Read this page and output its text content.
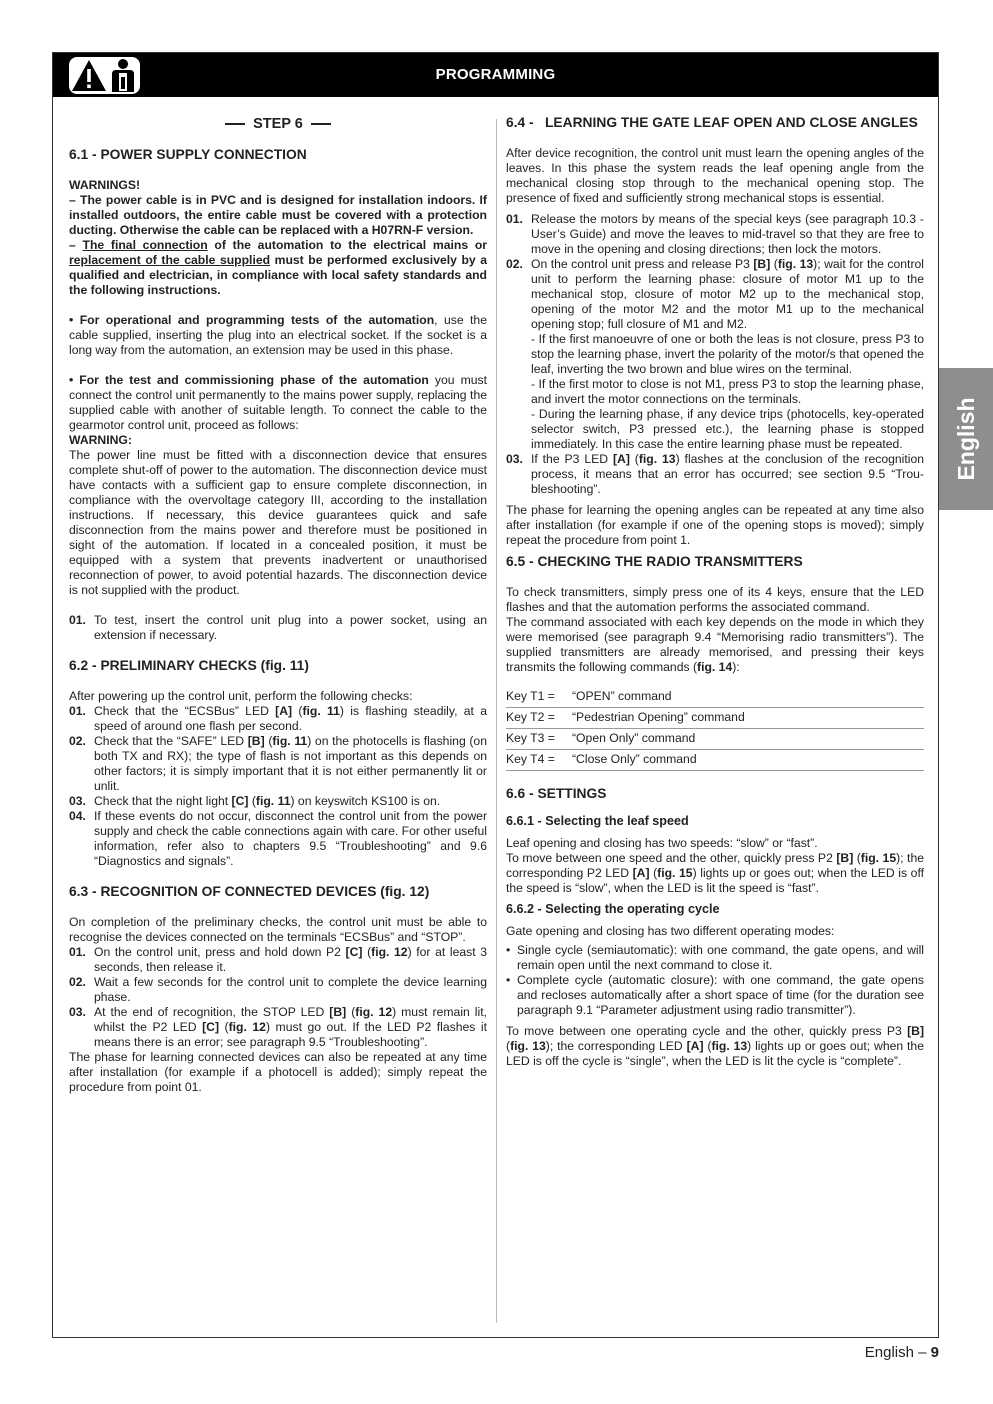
PROGRAMMING
STEP 6
6.1 - POWER SUPPLY CONNECTION

WARNINGS!

– The power cable is in PVC and is designed for installation indoors. If installed outdoors, the entire cable must be covered with a protection ducting. Otherwise the cable can be replaced with a H07RN-F version.

– The final connection of the automation to the electrical mains or replacement of the cable supplied must be performed exclusively by a qualified and electrician, in compliance with local safety standards and the following instructions.

• For operational and programming tests of the automation, use the cable supplied, inserting the plug into an electrical socket. If the socket is a long way from the automation, an extension may be used in this phase.

• For the test and commissioning phase of the automation you must connect the control unit permanently to the mains power supply, replacing the supplied cable with another of suitable length. To connect the cable to the gearmotor control unit, proceed as follows:

WARNING:

The power line must be fitted with a disconnection device that ensures complete shut-off of power to the automation. The disconnection device must have contacts with a sufficient gap to ensure complete disconnection, in compliance with the overvoltage category III, according to the installation instructions. If necessary, this device guarantees quick and safe disconnection from the mains power and therefore must be positioned in sight of the automation. If located in a concealed position, it must be equipped with a system that prevents inadvertent or unauthorised reconnection of power, to avoid potential hazards. The disconnection device is not supplied with the product.

01. To test, insert the control unit plug into a power socket, using an extension if necessary.
6.2 - PRELIMINARY CHECKS (fig. 11)

After powering up the control unit, perform the following checks:

01. Check that the “ECSBus” LED [A] (fig. 11) is flashing steadily, at a speed of around one flash per second.
02. Check that the “SAFE” LED [B] (fig. 11) on the photocells is flashing (on both TX and RX); the type of flash is not important as this depends on other factors; it is simply important that it is not either permanently lit or unlit.
03. Check that the night light [C] (fig. 11) on keyswitch KS100 is on.
04. If these events do not occur, disconnect the control unit from the power supply and check the cable connections again with care. For other useful information, refer also to chapters 9.5 “Troubleshooting” and 9.6 “Diagnostics and signals”.
6.3 - RECOGNITION OF CONNECTED DEVICES (fig. 12)

On completion of the preliminary checks, the control unit must be able to recognise the devices connected on the terminals “ECSBus” and “STOP”.

01. On the control unit, press and hold down P2 [C] (fig. 12) for at least 3 seconds, then release it.
02. Wait a few seconds for the control unit to complete the device learning phase.
03. At the end of recognition, the STOP LED [B] (fig. 12) must remain lit, whilst the P2 LED [C] (fig. 12) must go out. If the LED P2 flashes it means there is an error; see paragraph 9.5 “Troubleshooting”.

The phase for learning connected devices can also be repeated at any time after installation (for example if a photocell is added); simply repeat the procedure from point 01.

6.4 - LEARNING THE GATE LEAF OPEN AND CLOSE ANGLES

After device recognition, the control unit must learn the opening angles of the leaves. In this phase the system reads the leaf opening angle from the mechanical closing stop through to the mechanical opening stop. The presence of fixed and sufficiently strong mechanical stops is essential.

01. Release the motors by means of the special keys (see paragraph 10.3 - User’s Guide) and move the leaves to mid-travel so that they are free to move in the opening and closing directions; then lock the motors.
02. On the control unit press and release P3 [B] (fig. 13); wait for the control unit to perform the learning phase: closure of motor M1 up to the mechanical stop, closure of motor M2 up to the mechanical stop, opening of the motor M2 and the motor M1 up to the mechanical opening stop; full closure of M1 and M2.
- If the first manoeuvre of one or both the leas is not closure, press P3 to stop the learning phase, invert the polarity of the motor/s that opened the leaf, inverting the two brown and blue wires on the terminal.
- If the first motor to close is not M1, press P3 to stop the learning phase, and invert the motor connections on the terminals.
- During the learning phase, if any device trips (photocells, key-operated selector switch, P3 pressed etc.), the learning phase is stopped immediately. In this case the entire learning phase must be repeated.
03. If the P3 LED [A] (fig. 13) flashes at the conclusion of the recognition process, it means that an error has occurred; see section 9.5 “Troubleshooting”.

The phase for learning the opening angles can be repeated at any time also after installation (for example if one of the opening stops is moved); simply repeat the procedure from point 1.

6.5 - CHECKING THE RADIO TRANSMITTERS

To check transmitters, simply press one of its 4 keys, ensure that the LED flashes and that the automation performs the associated command.

The command associated with each key depends on the mode in which they were memorised (see paragraph 9.4 “Memorising radio transmitters”). The supplied transmitters are already memorised, and pressing their keys transmits the following commands (fig. 14):

Key T1 =	“OPEN” command
Key T2 =	“Pedestrian Opening” command
Key T3 =	“Open Only” command
Key T4 =	“Close Only” command
6.6 - SETTINGS
6.6.1 - Selecting the leaf speed

Leaf opening and closing has two speeds: “slow” or “fast”.

To move between one speed and the other, quickly press P2 [B] (fig. 15); the corresponding P2 LED [A] (fig. 15) lights up or goes out; when the LED is off the speed is “slow”, when the LED is lit the speed is “fast”.

6.6.2 - Selecting the operating cycle

Gate opening and closing has two different operating modes:

• Single cycle (semiautomatic): with one command, the gate opens, and will remain open until the next command to close it.
• Complete cycle (automatic closure): with one command, the gate opens and recloses automatically after a short space of time (for the duration see paragraph 9.1 “Parameter adjustment using radio transmitter”).

To move between one operating cycle and the other, quickly press P3 [B] (fig. 13); the corresponding LED [A] (fig. 13) lights up or goes out; when the LED is off the cycle is “single”, when the LED is lit the cycle is “complete”.

English
English – 9
